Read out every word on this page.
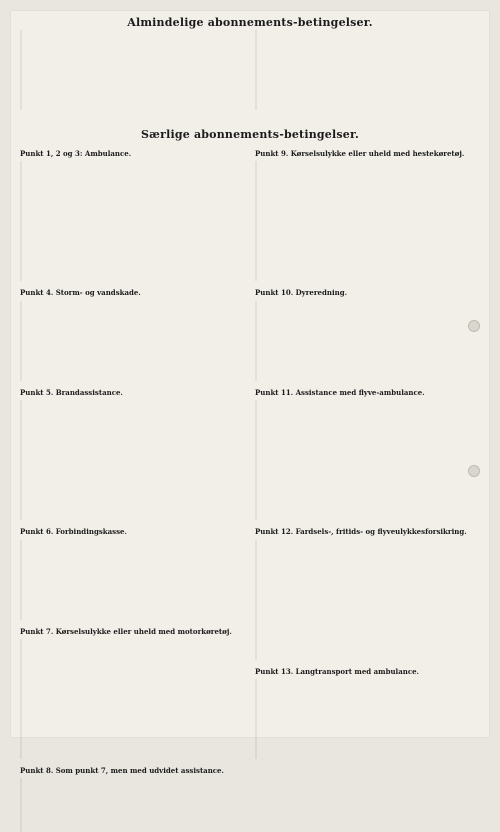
Almindelige abonnements-betingelser.
Særlige abonnements-betingelser.
Punkt 1, 2 og 3: Ambulance.
Punkt 4. Storm- og vandskade.
Punkt 5. Brandassistance.
Punkt 6. Forbindingskasse.
Punkt 7. Kørselsulykke eller uheld med motorkøretøj.
Punkt 8. Som punkt 7, men med udvidet assistance.
Punkt 9. Kørselsulykke eller uheld med hestekøretøj.
Punkt 10. Dyreredning.
Punkt 11. Assistance med flyve-ambulance.
Punkt 12. Fardsels-, fritids- og flyveulykkesforsikring.
Punkt 13. Langtransport med ambulance.
